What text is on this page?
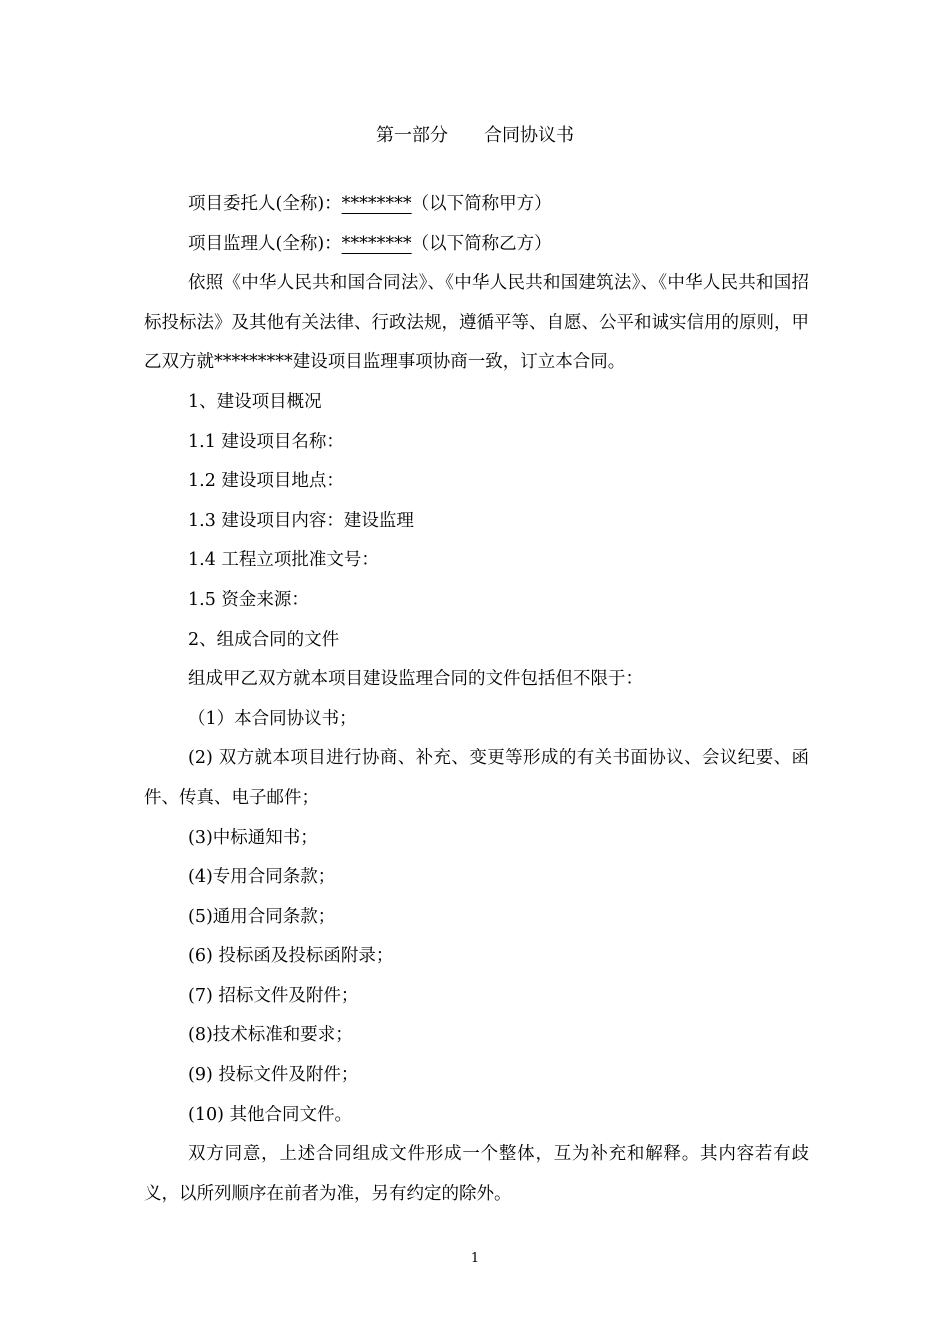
第一部分　　合同协议书

项目委托人(全称)：********（以下简称甲方）

项目监理人(全称)：********（以下简称乙方）

依照《中华人民共和国合同法》、《中华人民共和国建筑法》、《中华人民共和国招标投标法》及其他有关法律、行政法规，遵循平等、自愿、公平和诚实信用的原则，甲乙双方就*********建设项目监理事项协商一致，订立本合同。

1、建设项目概况

1.1 建设项目名称：

1.2 建设项目地点：

1.3 建设项目内容：建设监理

1.4 工程立项批准文号：

1.5 资金来源：

2、组成合同的文件

组成甲乙双方就本项目建设监理合同的文件包括但不限于：

（1）本合同协议书；

(2) 双方就本项目进行协商、补充、变更等形成的有关书面协议、会议纪要、函件、传真、电子邮件；

(3)中标通知书；

(4)专用合同条款；

(5)通用合同条款；

(6) 投标函及投标函附录；

(7) 招标文件及附件；

(8)技术标准和要求；

(9) 投标文件及附件；

(10) 其他合同文件。

双方同意，上述合同组成文件形成一个整体，互为补充和解释。其内容若有歧义，以所列顺序在前者为准，另有约定的除外。

1
